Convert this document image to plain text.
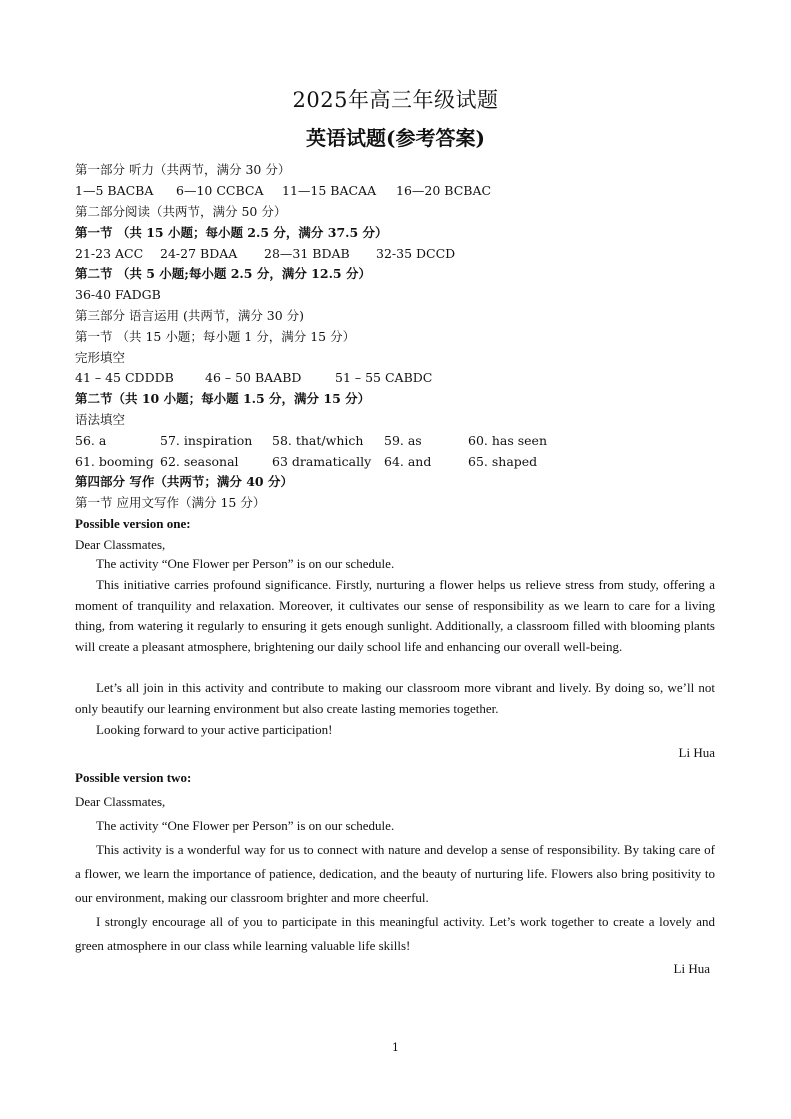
2025年高三年级试题
英语试题(参考答案)
第一部分 听力（共两节，满分 30 分）
1—5 BACBA 6—10 CCBCA 11—15 BACAA 16—20 BCBAC
第二部分阅读（共两节，满分 50 分）
第一节 （共 15 小题；每小题 2.5 分，满分 37.5 分）
21-23 ACC 24-27 BDAA 28—31 BDAB 32-35 DCCD
第二节 （共 5 小题;每小题 2.5 分，满分 12.5 分）
36-40 FADGB
第三部分 语言运用 (共两节，满分 30 分)
第一节 （共 15 小题；每小题 1 分，满分 15 分）
完形填空
41 – 45 CDDDB 46 – 50 BAABD	51 – 55 CABDC
第二节（共 10 小题；每小题 1.5 分，满分 15 分）
语法填空
56. a	57. inspiration 58. that/which 59. as	60. has seen
61. booming 62. seasonal	63 dramatically 64. and	65. shaped
第四部分 写作（共两节；满分 40 分）
第一节 应用文写作（满分 15 分）
Possible version one:
Dear Classmates,
The activity “One Flower per Person” is on our schedule.
This initiative carries profound significance. Firstly, nurturing a flower helps us relieve stress from study, offering a moment of tranquility and relaxation. Moreover, it cultivates our sense of responsibility as we learn to care for a living thing, from watering it regularly to ensuring it gets enough sunlight. Additionally, a classroom filled with blooming plants will create a pleasant atmosphere, brightening our daily school life and enhancing our overall well-being.
Let’s all join in this activity and contribute to making our classroom more vibrant and lively. By doing so, we’ll not only beautify our learning environment but also create lasting memories together.
Looking forward to your active participation!
Li Hua
Possible version two:
Dear Classmates,
The activity “One Flower per Person” is on our schedule.
This activity is a wonderful way for us to connect with nature and develop a sense of responsibility. By taking care of a flower, we learn the importance of patience, dedication, and the beauty of nurturing life. Flowers also bring positivity to our environment, making our classroom brighter and more cheerful.
I strongly encourage all of you to participate in this meaningful activity. Let’s work together to create a lovely and green atmosphere in our class while learning valuable life skills!
Li Hua
1
